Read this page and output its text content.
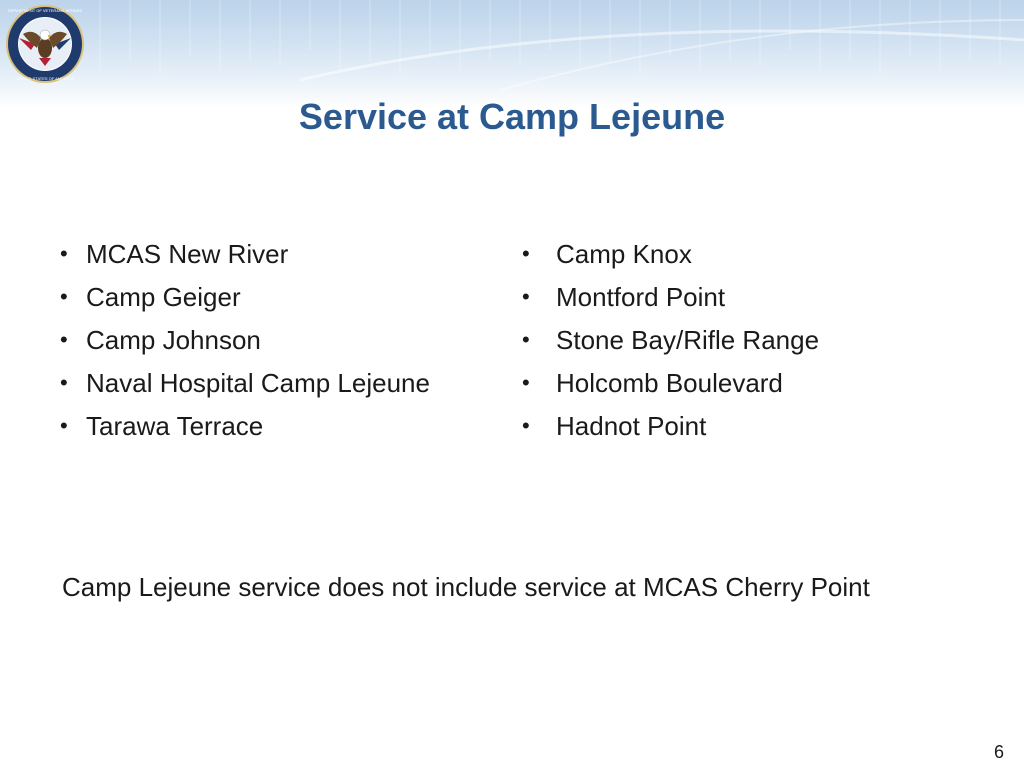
DEPARTMENT OF VETERANS AFFAIRS
UNITED STATES OF AMERICA
Service at Camp Lejeune
• MCAS New River
• Camp Geiger
• Camp Johnson
• Naval Hospital Camp Lejeune
• Tarawa Terrace
• Camp Knox
• Montford Point
• Stone Bay/Rifle Range
• Holcomb Boulevard
• Hadnot Point
Camp Lejeune service does not include service at MCAS Cherry Point
6
